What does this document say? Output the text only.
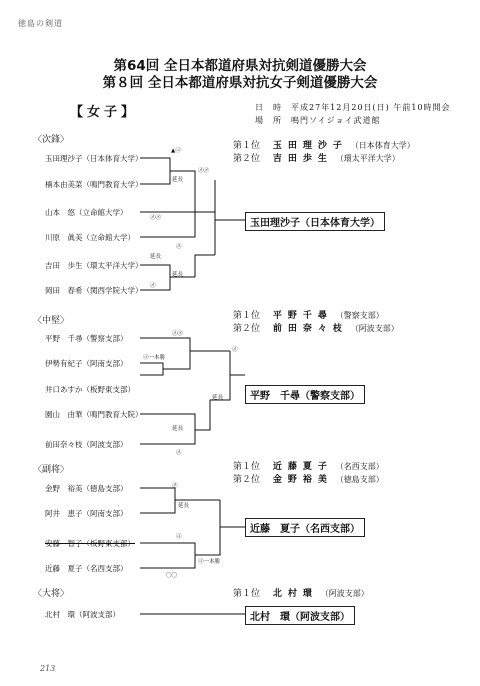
徳島の剣道
第64回 全日本都道府県対抗剣道優勝大会
第８回 全日本都道府県対抗女子剣道優勝大会
【女子】	日　時　平成27年12月20日(日) 午前10時開会
場　所　鳴門ソイジョイ武道館
〈次鋒〉
玉田理沙子（日本体育大学）
楠本由美菜（鳴門教育大学）
山本　悠（立命館大学）
川原　眞美（立命館大学）
吉田　歩生（環太平洋大学）
岡田　春希（関西学院大学）
▲㋙
㋱㋱
延長
㋱㋱
㋱
延長
㋱
延長
第１位 玉田理沙子 （日本体育大学）
第２位 吉田歩生 （環太平洋大学）
玉田理沙子（日本体育大学）
〈中堅〉
平野　千尋（警察支部）
伊勢有紀子（阿南支部）
井口あすか（板野東支部）
園山　由華（鳴門教育大院）
前田奈々枝（阿波支部）
㋱㋱
㋱
㋙一本勝
延長
延長
㋱
第１位 平野千尋 （警察支部）
第２位 前田奈々枝 （阿波支部）
平野　千尋（警察支部）
〈副将〉
金野　裕美（徳島支部）
阿井　恵子（阿南支部）
安藤　智子（板野東支部）
近藤　夏子（名西支部）
㋱
延長
㋙
㋙一本勝
〇〇
第１位 近藤夏子 （名西支部）
第２位 金野裕美 （徳島支部）
近藤　夏子（名西支部）
〈大将〉
北村　環（阿波支部）
第１位 北村環 （阿波支部）
北村　環（阿波支部）
213
